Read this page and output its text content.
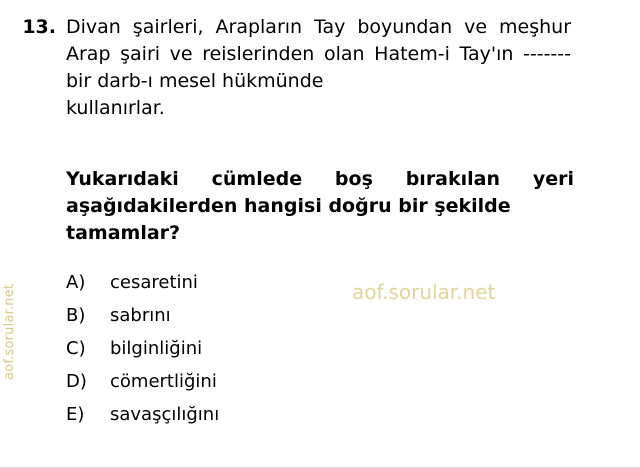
aof.sorular.net	aof.sorular.net
13. Divan şairleri, Arapların Tay boyundan ve meşhur Arap şairi ve reislerinden olan Hatem-i Tay'ın ------- bir darb-ı mesel hükmünde
kullanırlar.
Yukarıdaki cümlede boş bırakılan yeri aşağıdakilerden hangisi doğru bir şekilde
tamamlar?
A)	cesaretini
B)	sabrını
C)	bilginliğini
D)	cömertliğini
E)	savaşçılığını
